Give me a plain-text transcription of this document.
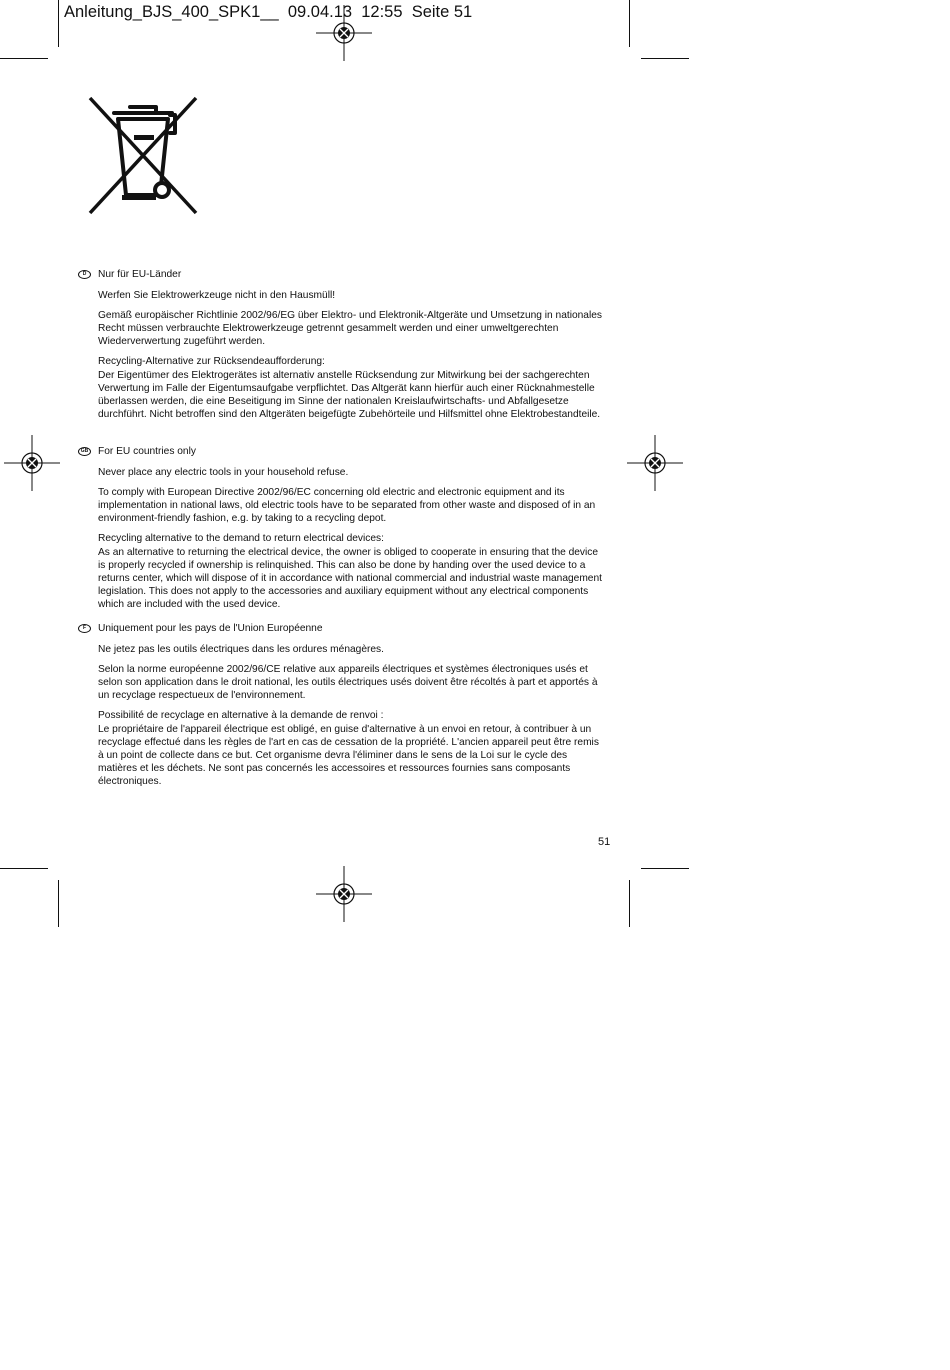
Anleitung_BJS_400_SPK1__  09.04.13  12:55  Seite 51
D	Nur für EU-Länder

Werfen Sie Elektrowerkzeuge nicht in den Hausmüll!

Gemäß europäischer Richtlinie 2002/96/EG über Elektro- und Elektronik-Altgeräte und Umsetzung in nationales Recht müssen verbrauchte Elektrowerkzeuge getrennt gesammelt werden und einer umweltgerechten Wiederverwertung zugeführt werden.

Recycling-Alternative zur Rücksendeaufforderung:
Der Eigentümer des Elektrogerätes ist alternativ anstelle Rücksendung zur Mitwirkung bei der sachgerechten Verwertung im Falle der Eigentumsaufgabe verpflichtet. Das Altgerät kann hierfür auch einer Rücknahmestelle überlassen werden, die eine Beseitigung im Sinne der nationalen Kreislaufwirtschafts- und Abfallgesetze durchführt. Nicht betroffen sind den Altgeräten beigefügte Zubehörteile und Hilfsmittel ohne Elektrobestandteile.

GB For EU countries only

Never place any electric tools in your household refuse.

To comply with European Directive 2002/96/EC concerning old electric and electronic equipment and its implementation in national laws, old electric tools have to be separated from other waste and disposed of in an environment-friendly fashion, e.g. by taking to a recycling depot.

Recycling alternative to the demand to return electrical devices:
As an alternative to returning the electrical device, the owner is obliged to cooperate in ensuring that the device is properly recycled if ownership is relinquished. This can also be done by handing over the used device to a returns center, which will dispose of it in accordance with national commercial and industrial waste management legislation. This does not apply to the accessories and auxiliary equipment without any electrical components which are included with the used device.

F	Uniquement pour les pays de l'Union Européenne

Ne jetez pas les outils électriques dans les ordures ménagères.

Selon la norme européenne 2002/96/CE relative aux appareils électriques et systèmes électroniques usés et selon son application dans le droit national, les outils électriques usés doivent être récoltés à part et apportés à un recyclage respectueux de l'environnement.

Possibilité de recyclage en alternative à la demande de renvoi :
Le propriétaire de l'appareil électrique est obligé, en guise d'alternative à un envoi en retour, à contribuer à un recyclage effectué dans les règles de l'art en cas de cessation de la propriété. L'ancien appareil peut être remis à un point de collecte dans ce but. Cet organisme devra l'éliminer dans le sens de la Loi sur le cycle des matières et les déchets. Ne sont pas concernés les accessoires et ressources fournies sans composants électroniques.

51
